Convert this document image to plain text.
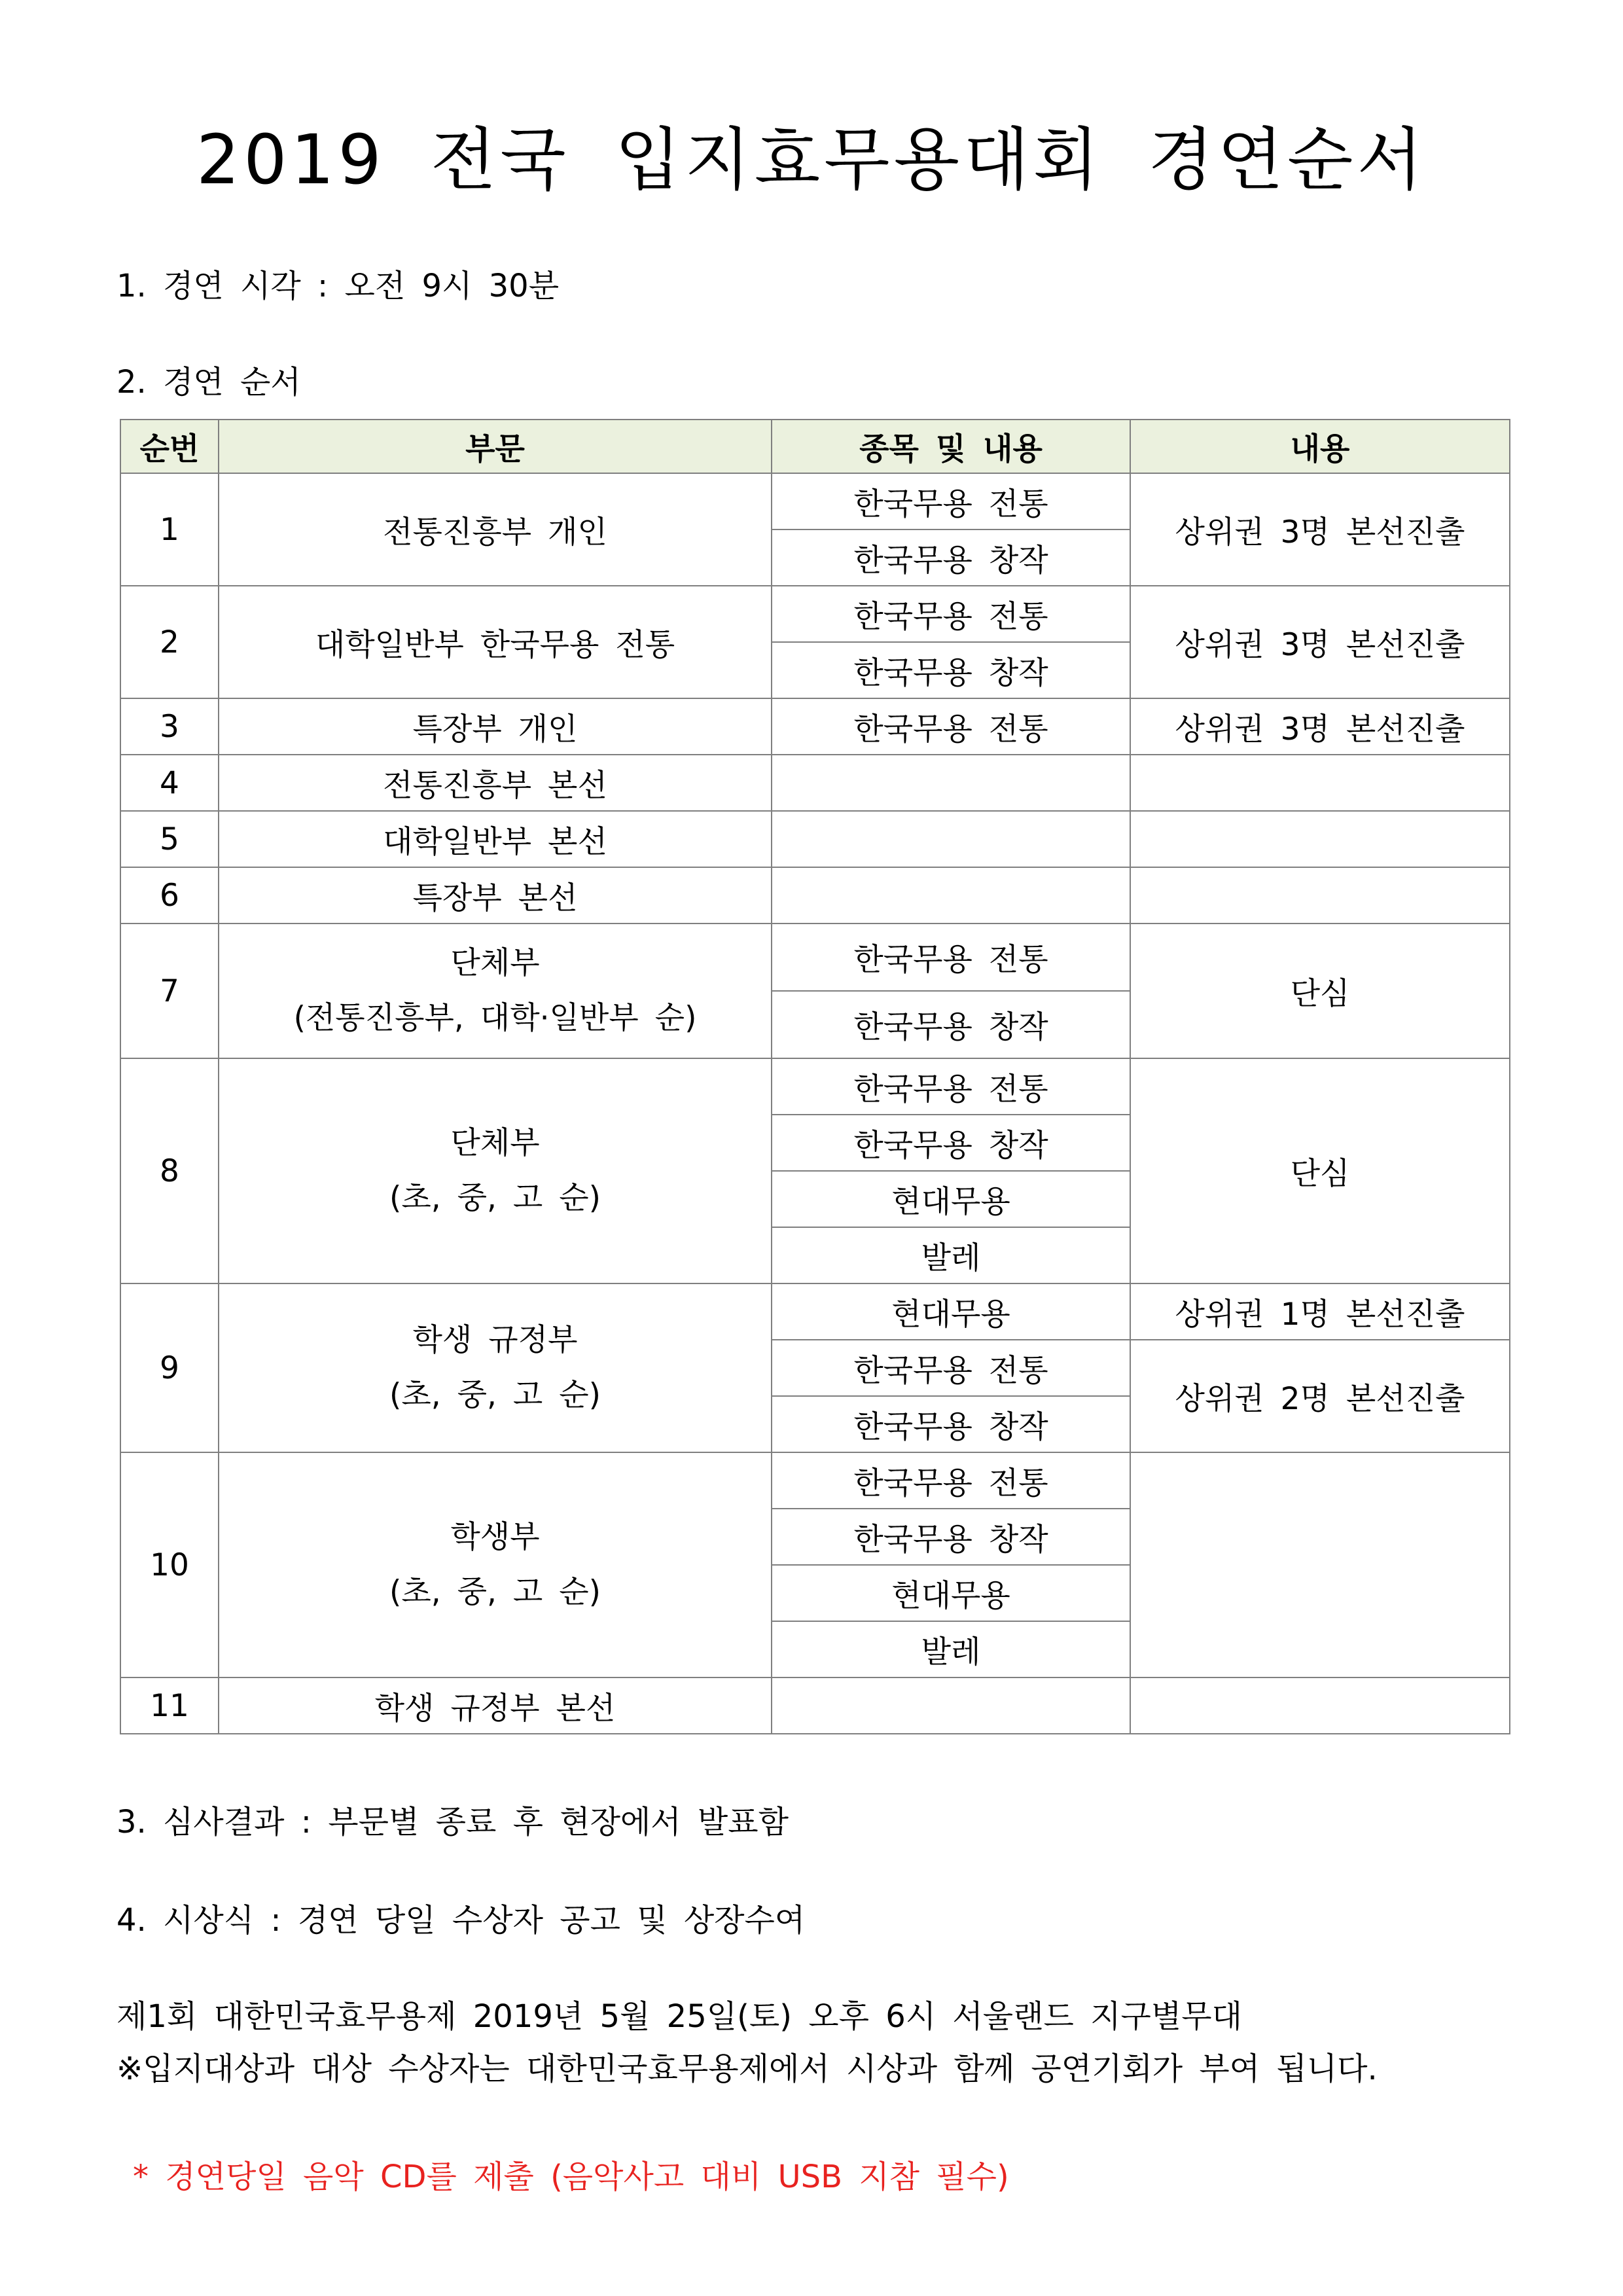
2019 전국 입지효무용대회 경연순서
1. 경연 시각 : 오전 9시 30분
2. 경연 순서
순번	부문	종목 및 내용	내용
1	전통진흥부 개인	한국무용 전통	상위권 3명 본선진출
		한국무용 창작	
2	대학일반부 한국무용 전통	한국무용 전통	상위권 3명 본선진출
		한국무용 창작	
3	특장부 개인	한국무용 전통	상위권 3명 본선진출
4	전통진흥부 본선		
5	대학일반부 본선		
6	특장부 본선		
7	단체부
(전통진흥부, 대학·일반부 순)	한국무용 전통	단심
		한국무용 창작	
8	단체부
(초, 중, 고 순)	한국무용 전통	단심
		한국무용 창작	
		현대무용	
		발레	
9	학생 규정부
(초, 중, 고 순)	현대무용	상위권 1명 본선진출
		한국무용 전통	상위권 2명 본선진출
		한국무용 창작	
10	학생부
(초, 중, 고 순)	한국무용 전통	
		한국무용 창작	
		현대무용	
		발레	
11	학생 규정부 본선		
3. 심사결과 : 부문별 종료 후 현장에서 발표함
4. 시상식 : 경연 당일 수상자 공고 및 상장수여
제1회 대한민국효무용제 2019년 5월 25일(토) 오후 6시 서울랜드 지구별무대
※입지대상과 대상 수상자는 대한민국효무용제에서 시상과 함께 공연기회가 부여 됩니다.
* 경연당일 음악 CD를 제출 (음악사고 대비 USB 지참 필수)
